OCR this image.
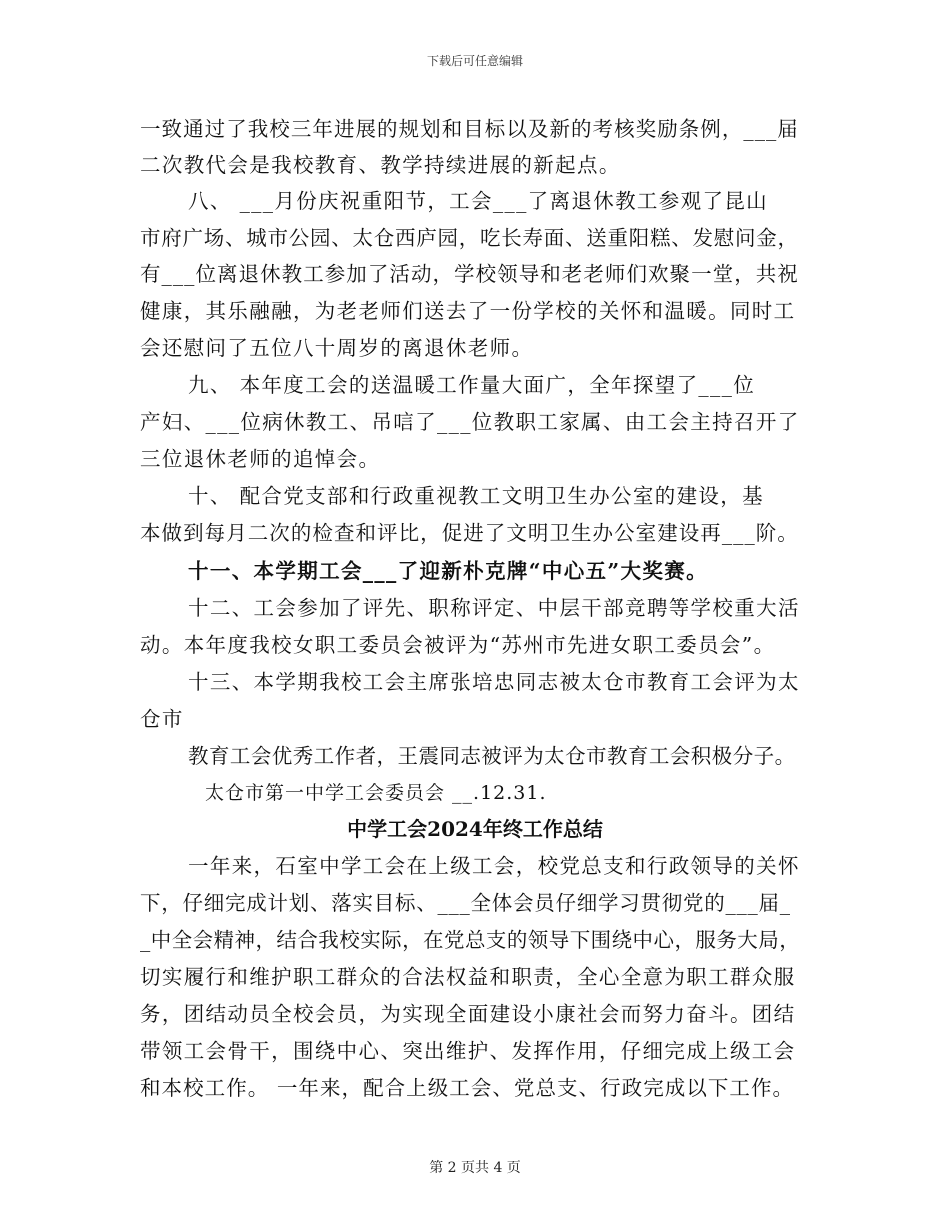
下载后可任意编辑
一致通过了我校三年进展的规划和目标以及新的考核奖励条例，___届
二次教代会是我校教育、教学持续进展的新起点。
八、 ___月份庆祝重阳节，工会___了离退休教工参观了昆山
市府广场、城市公园、太仓西庐园，吃长寿面、送重阳糕、发慰问金，
有___位离退休教工参加了活动，学校领导和老老师们欢聚一堂，共祝
健康，其乐融融，为老老师们送去了一份学校的关怀和温暖。同时工
会还慰问了五位八十周岁的离退休老师。
九、 本年度工会的送温暖工作量大面广，全年探望了___位
产妇、___位病休教工、吊唁了___位教职工家属、由工会主持召开了
三位退休老师的追悼会。
十、 配合党支部和行政重视教工文明卫生办公室的建设，基
本做到每月二次的检查和评比，促进了文明卫生办公室建设再___阶。
十一、本学期工会___了迎新朴克牌“中心五”大奖赛。
十二、工会参加了评先、职称评定、中层干部竞聘等学校重大活
动。本年度我校女职工委员会被评为“苏州市先进女职工委员会”。
十三、本学期我校工会主席张培忠同志被太仓市教育工会评为太
仓市
教育工会优秀工作者，王震同志被评为太仓市教育工会积极分子。
太仓市第一中学工会委员会 __.12.31.
中学工会2024年终工作总结
一年来，石室中学工会在上级工会，校党总支和行政领导的关怀
下，仔细完成计划、落实目标、___全体会员仔细学习贯彻党的___届_
_中全会精神，结合我校实际，在党总支的领导下围绕中心，服务大局，
切实履行和维护职工群众的合法权益和职责，全心全意为职工群众服
务，团结动员全校会员，为实现全面建设小康社会而努力奋斗。团结
带领工会骨干，围绕中心、突出维护、发挥作用，仔细完成上级工会
和本校工作。 一年来，配合上级工会、党总支、行政完成以下工作。
第 2 页共 4 页
